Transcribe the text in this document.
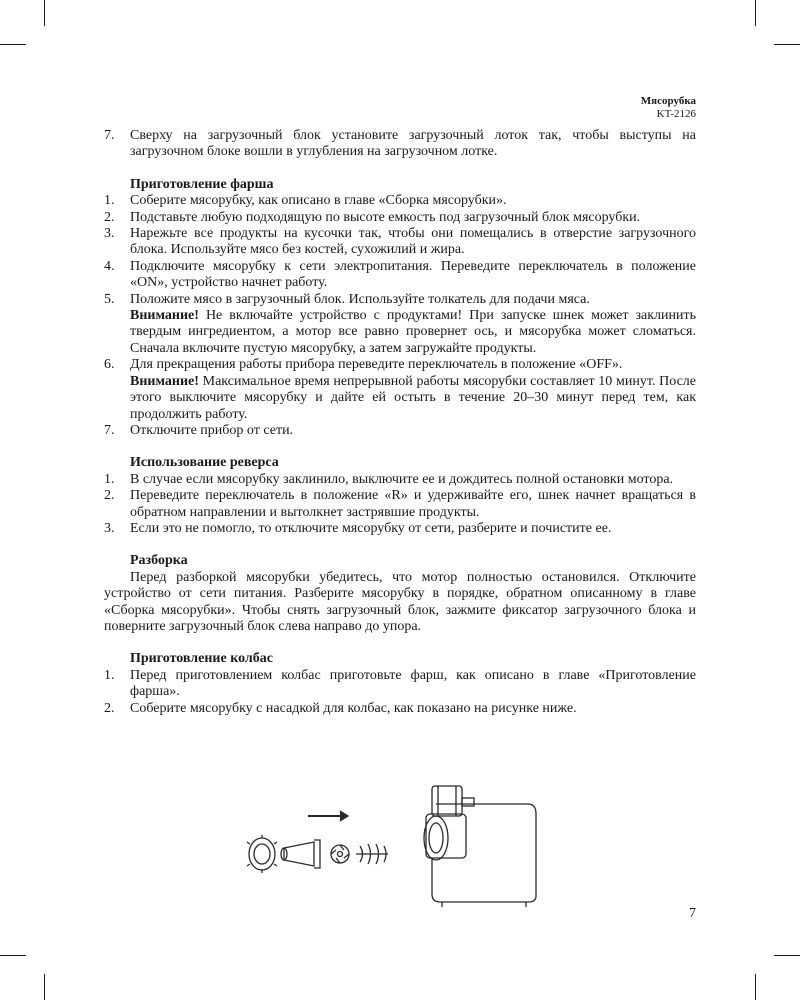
Мясорубка
KT-2126
7.	Сверху на загрузочный блок установите загрузочный лоток так, чтобы выступы на загрузочном блоке вошли в углубления на загрузочном лотке.
Приготовление фарша
1.	Соберите мясорубку, как описано в главе «Сборка мясорубки».
2.	Подставьте любую подходящую по высоте емкость под загрузочный блок мясорубки.
3.	Нарежьте все продукты на кусочки так, чтобы они помещались в отверстие загрузочного блока. Используйте мясо без костей, сухожилий и жира.
4.	Подключите мясорубку к сети электропитания. Переведите переключатель в положение «ON», устройство начнет работу.
5.	Положите мясо в загрузочный блок. Используйте толкатель для подачи мяса.
Внимание! Не включайте устройство с продуктами! При запуске шнек может заклинить твердым ингредиентом, а мотор все равно провернет ось, и мясорубка может сломаться. Сначала включите пустую мясорубку, а затем загружайте продукты.
6.	Для прекращения работы прибора переведите переключатель в положение «OFF».
Внимание! Максимальное время непрерывной работы мясорубки составляет 10 минут. После этого выключите мясорубку и дайте ей остыть в течение 20–30 минут перед тем, как продолжить работу.
7.	Отключите прибор от сети.
Использование реверса
1.	В случае если мясорубку заклинило, выключите ее и дождитесь полной остановки мотора.
2.	Переведите переключатель в положение «R» и удерживайте его, шнек начнет вращаться в обратном направлении и вытолкнет застрявшие продукты.
3.	Если это не помогло, то отключите мясорубку от сети, разберите и почистите ее.
Разборка
Перед разборкой мясорубки убедитесь, что мотор полностью остановился. Отключите устройство от сети питания. Разберите мясорубку в порядке, обратном описанному в главе «Сборка мясорубки». Чтобы снять загрузочный блок, зажмите фиксатор загрузочного блока и поверните загрузочный блок слева направо до упора.
Приготовление колбас
1.	Перед приготовлением колбас приготовьте фарш, как описано в главе «Приготовление фарша».
2.	Соберите мясорубку с насадкой для колбас, как показано на рисунке ниже.
7
